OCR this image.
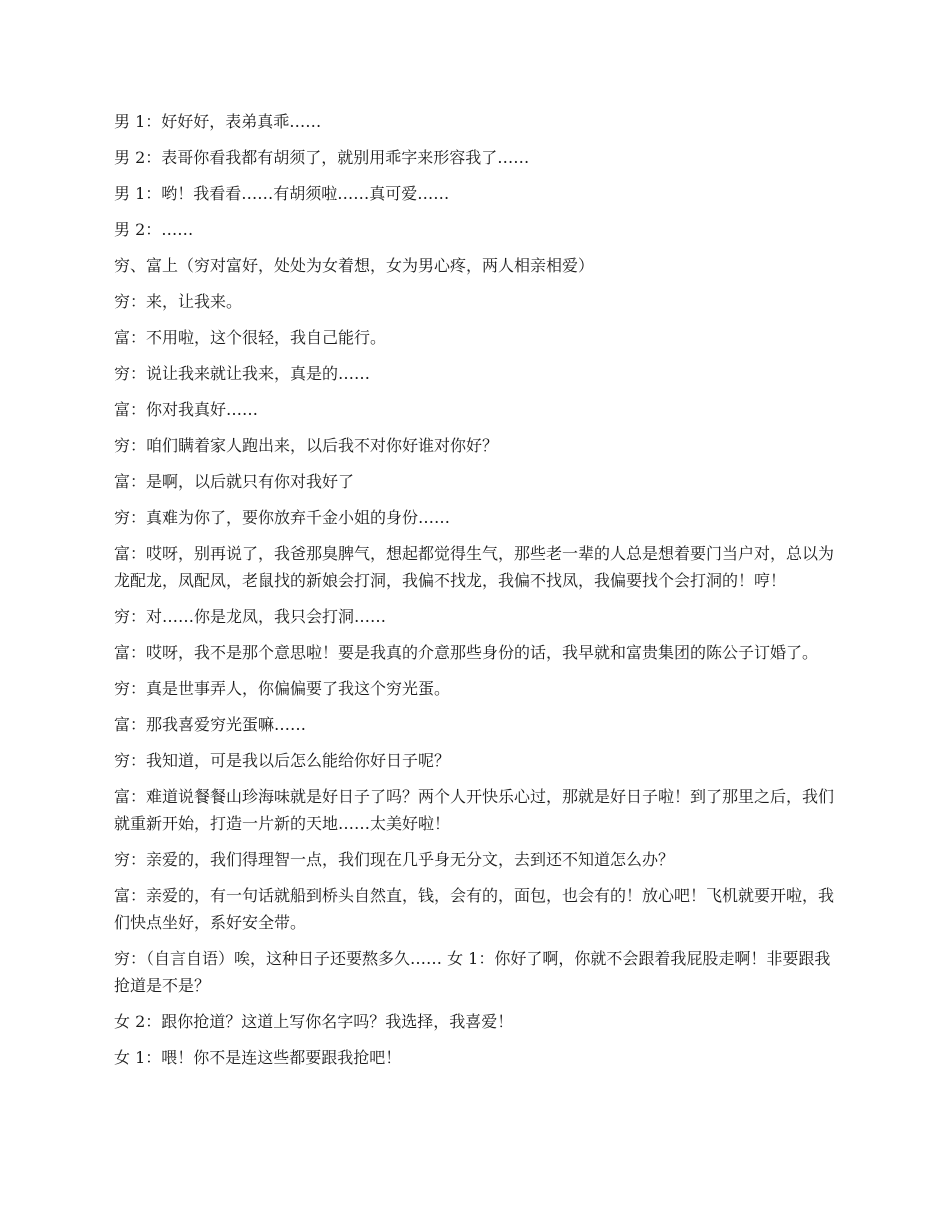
男 1：好好好，表弟真乖……

男 2：表哥你看我都有胡须了，就别用乖字来形容我了……

男 1：哟！我看看……有胡须啦……真可爱……

男 2：……

穷、富上（穷对富好，处处为女着想，女为男心疼，两人相亲相爱）

穷：来，让我来。

富：不用啦，这个很轻，我自己能行。

穷：说让我来就让我来，真是的……

富：你对我真好……

穷：咱们瞒着家人跑出来，以后我不对你好谁对你好？

富：是啊，以后就只有你对我好了

穷：真难为你了，要你放弃千金小姐的身份……

富：哎呀，别再说了，我爸那臭脾气，想起都觉得生气，那些老一辈的人总是想着要门当户对，总以为龙配龙，凤配凤，老鼠找的新娘会打洞，我偏不找龙，我偏不找凤，我偏要找个会打洞的！哼！

穷：对……你是龙凤，我只会打洞……

富：哎呀，我不是那个意思啦！要是我真的介意那些身份的话，我早就和富贵集团的陈公子订婚了。

穷：真是世事弄人，你偏偏要了我这个穷光蛋。

富：那我喜爱穷光蛋嘛……

穷：我知道，可是我以后怎么能给你好日子呢？

富：难道说餐餐山珍海味就是好日子了吗？两个人开快乐心过，那就是好日子啦！到了那里之后，我们就重新开始，打造一片新的天地……太美好啦！

穷：亲爱的，我们得理智一点，我们现在几乎身无分文，去到还不知道怎么办？

富：亲爱的，有一句话就船到桥头自然直，钱，会有的，面包，也会有的！放心吧！飞机就要开啦，我们快点坐好，系好安全带。

穷：（自言自语）唉，这种日子还要熬多久…… 女 1：你好了啊，你就不会跟着我屁股走啊！非要跟我抢道是不是？

女 2：跟你抢道？这道上写你名字吗？我选择，我喜爱！

女 1：喂！你不是连这些都要跟我抢吧！
